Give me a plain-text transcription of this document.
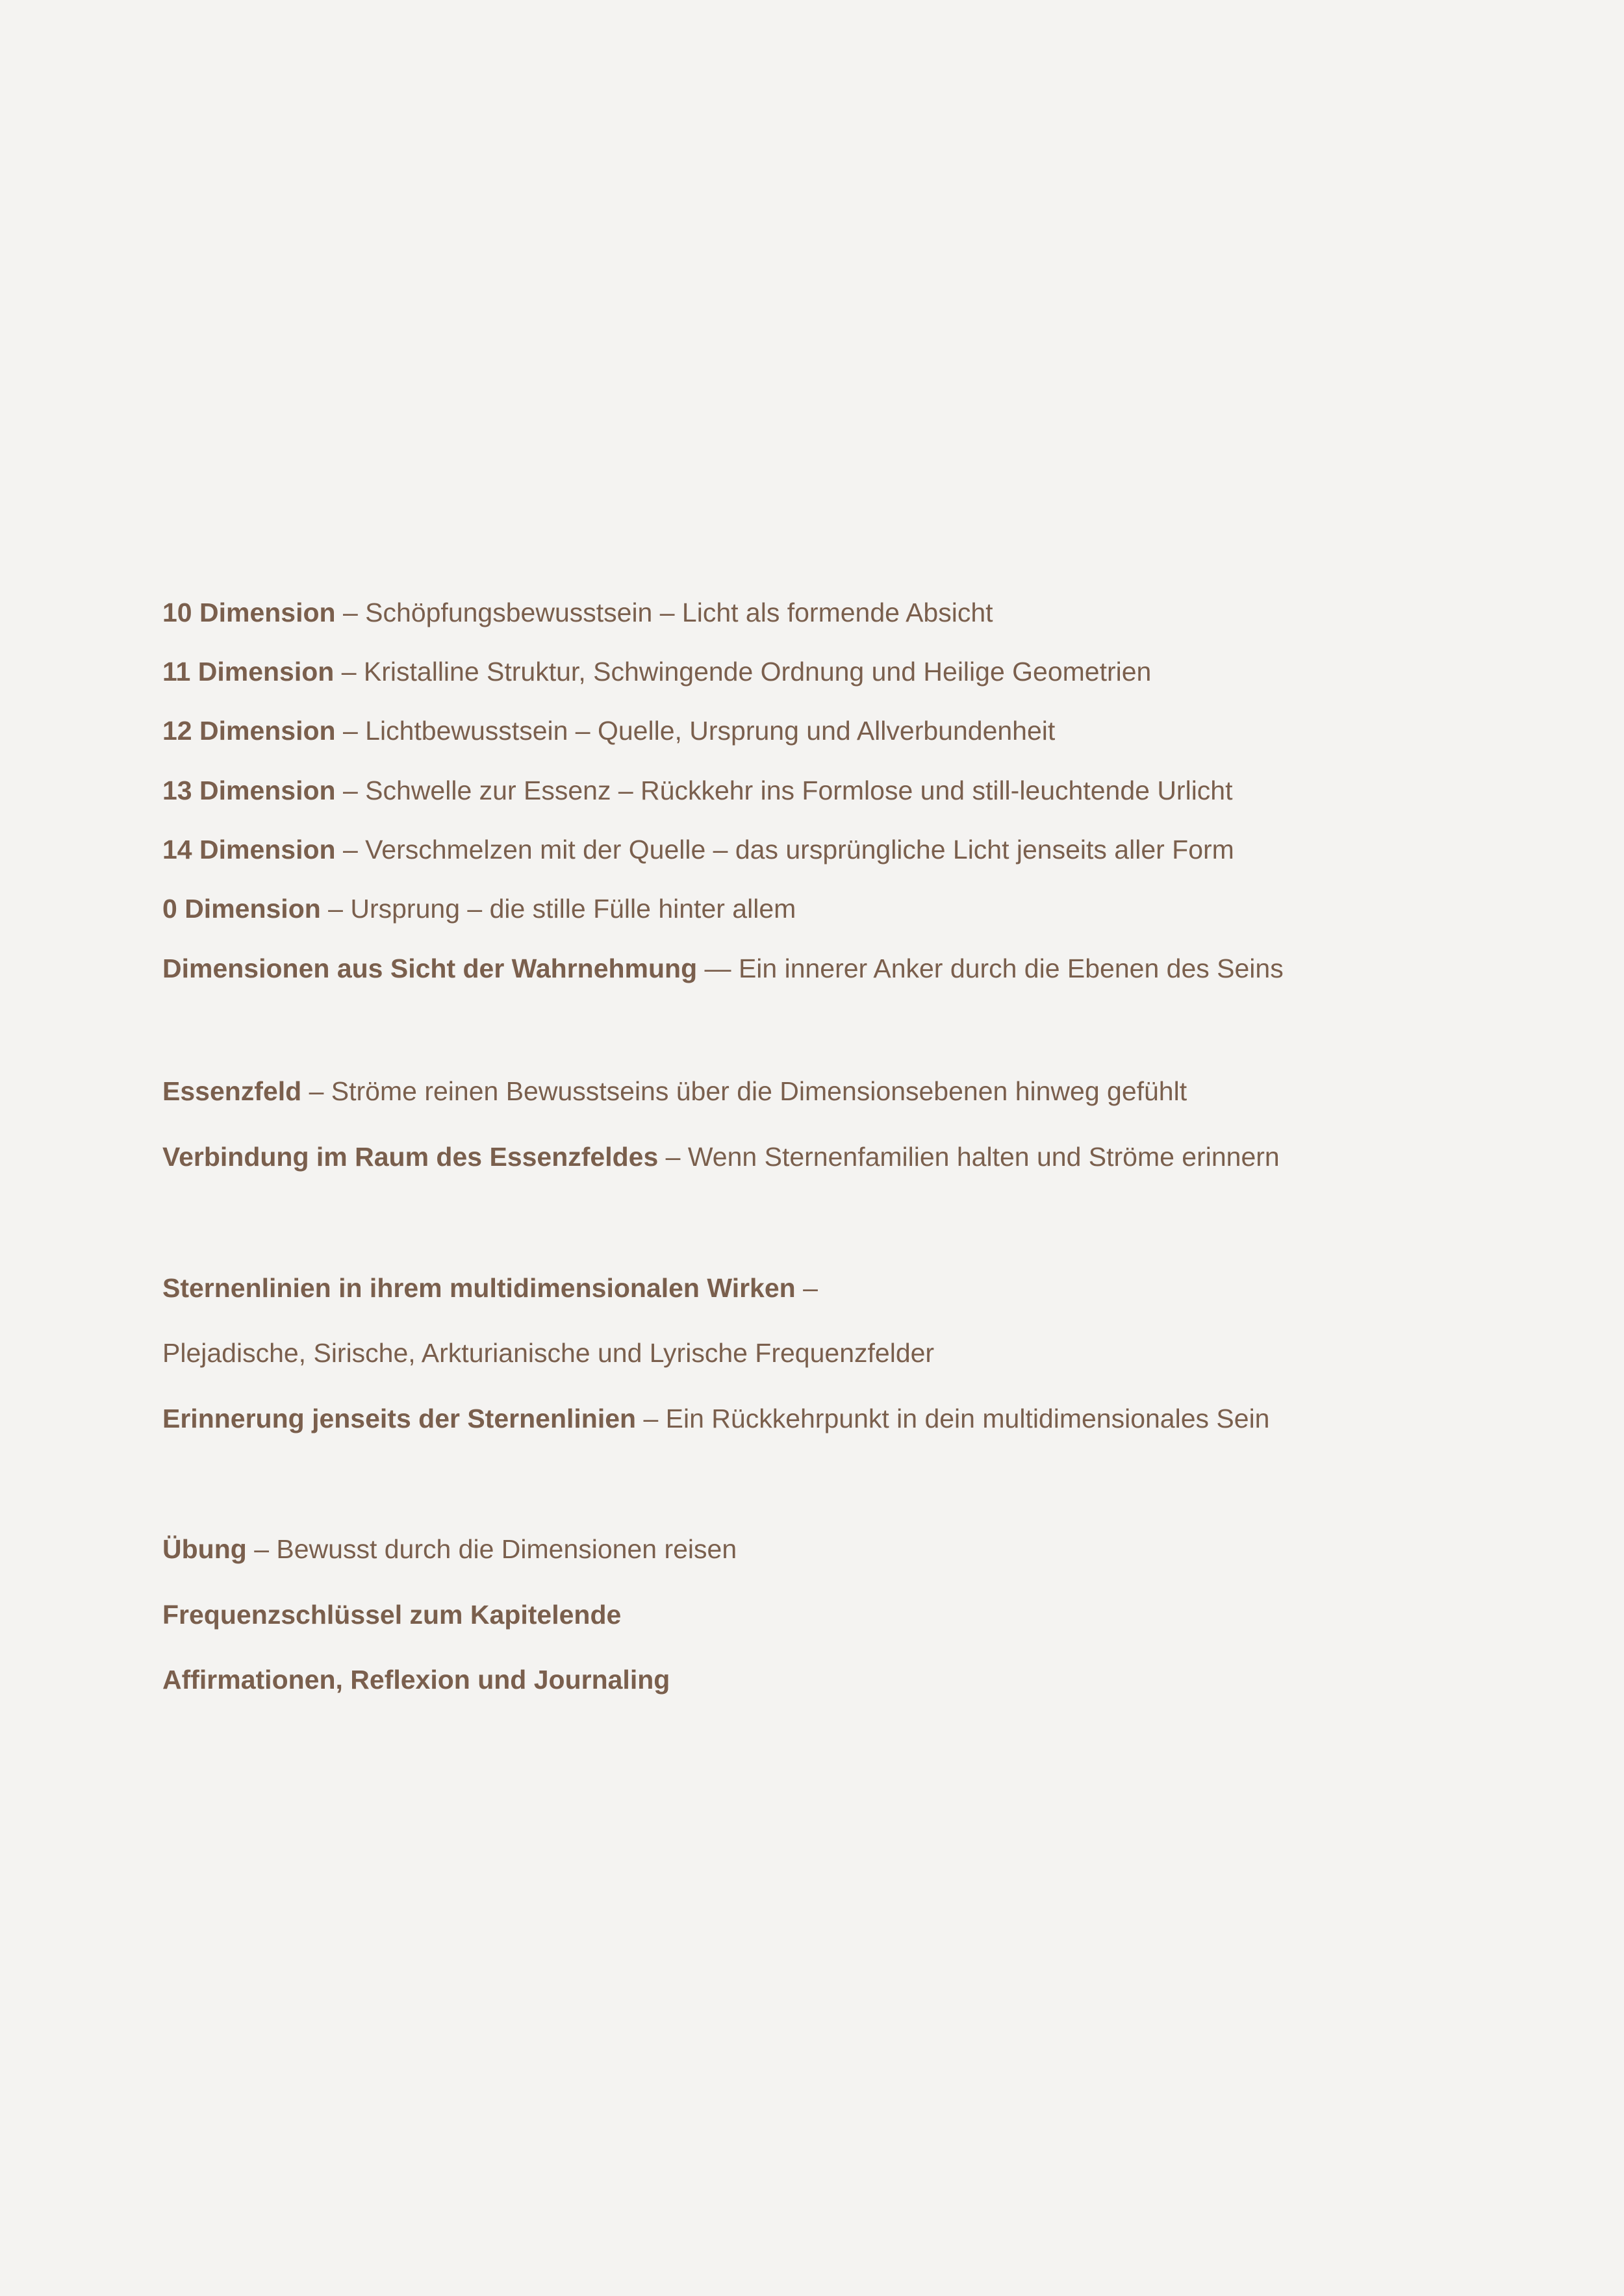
10 Dimension – Schöpfungsbewusstsein – Licht als formende Absicht
11 Dimension – Kristalline Struktur, Schwingende Ordnung und Heilige Geometrien
12 Dimension – Lichtbewusstsein – Quelle, Ursprung und Allverbundenheit
13 Dimension – Schwelle zur Essenz – Rückkehr ins Formlose und still-leuchtende Urlicht
14 Dimension – Verschmelzen mit der Quelle – das ursprüngliche Licht jenseits aller Form
0 Dimension – Ursprung – die stille Fülle hinter allem
Dimensionen aus Sicht der Wahrnehmung — Ein innerer Anker durch die Ebenen des Seins
Essenzfeld – Ströme reinen Bewusstseins über die Dimensionsebenen hinweg gefühlt
Verbindung im Raum des Essenzfeldes – Wenn Sternenfamilien halten und Ströme erinnern
Sternenlinien in ihrem multidimensionalen Wirken –
Plejadische, Sirische, Arkturianische und Lyrische Frequenzfelder
Erinnerung jenseits der Sternenlinien – Ein Rückkehrpunkt in dein multidimensionales Sein
Übung – Bewusst durch die Dimensionen reisen
Frequenzschlüssel zum Kapitelende
Affirmationen, Reflexion und Journaling
